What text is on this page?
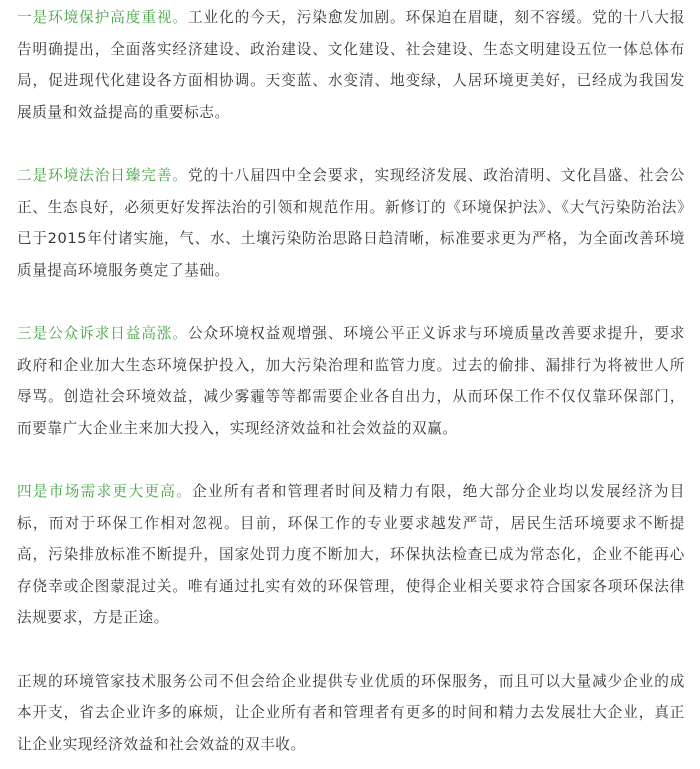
一是环境保护高度重视。工业化的今天，污染愈发加剧。环保迫在眉睫，刻不容缓。党的十八大报告明确提出，全面落实经济建设、政治建设、文化建设、社会建设、生态文明建设五位一体总体布局，促进现代化建设各方面相协调。天变蓝、水变清、地变绿，人居环境更美好，已经成为我国发展质量和效益提高的重要标志。

二是环境法治日臻完善。党的十八届四中全会要求，实现经济发展、政治清明、文化昌盛、社会公正、生态良好，必须更好发挥法治的引领和规范作用。新修订的《环境保护法》、《大气污染防治法》已于2015年付诸实施，气、水、土壤污染防治思路日趋清晰，标准要求更为严格，为全面改善环境质量提高环境服务奠定了基础。

三是公众诉求日益高涨。公众环境权益观增强、环境公平正义诉求与环境质量改善要求提升，要求政府和企业加大生态环境保护投入，加大污染治理和监管力度。过去的偷排、漏排行为将被世人所辱骂。创造社会环境效益，减少雾霾等等都需要企业各自出力，从而环保工作不仅仅靠环保部门，而要靠广大企业主来加大投入，实现经济效益和社会效益的双赢。

四是市场需求更大更高。企业所有者和管理者时间及精力有限，绝大部分企业均以发展经济为目标，而对于环保工作相对忽视。目前，环保工作的专业要求越发严苛，居民生活环境要求不断提高，污染排放标准不断提升，国家处罚力度不断加大，环保执法检查已成为常态化，企业不能再心存侥幸或企图蒙混过关。唯有通过扎实有效的环保管理，使得企业相关要求符合国家各项环保法律法规要求，方是正途。

正规的环境管家技术服务公司不但会给企业提供专业优质的环保服务，而且可以大量减少企业的成本开支，省去企业许多的麻烦，让企业所有者和管理者有更多的时间和精力去发展壮大企业，真正让企业实现经济效益和社会效益的双丰收。
